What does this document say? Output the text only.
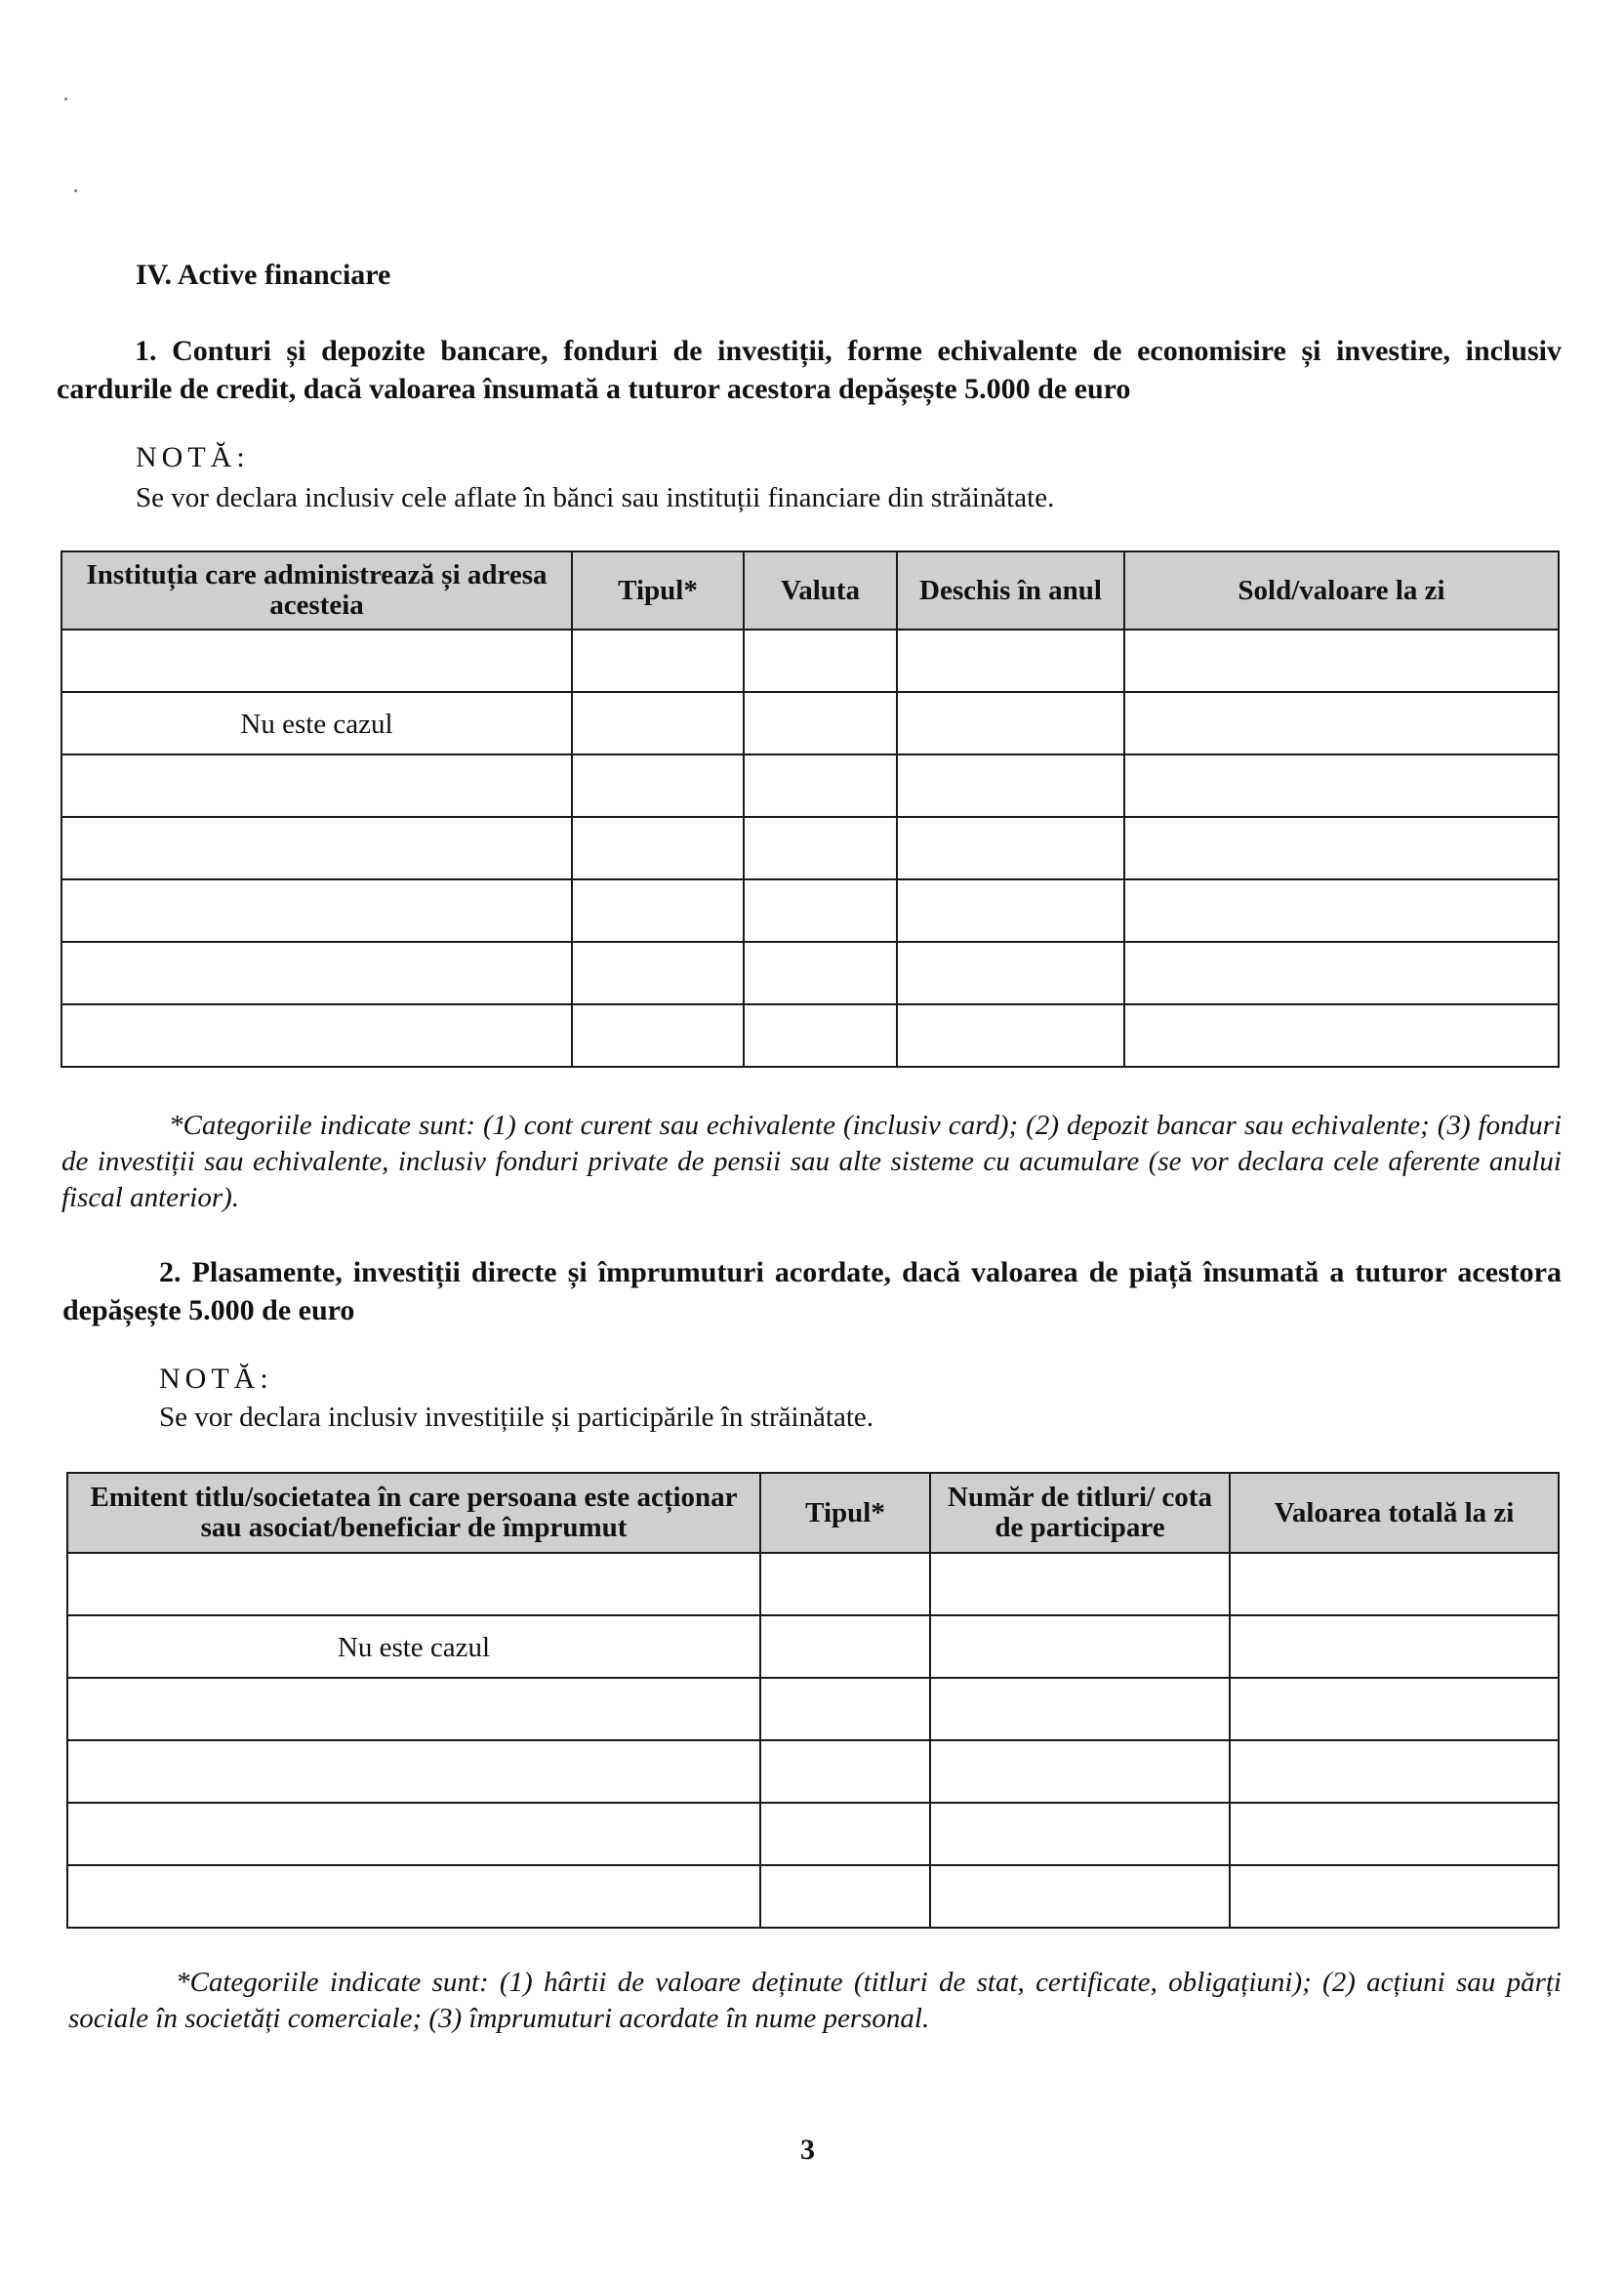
IV. Active financiare
1. Conturi și depozite bancare, fonduri de investiții, forme echivalente de economisire și investire, inclusiv cardurile de credit, dacă valoarea însumată a tuturor acestora depășește 5.000 de euro
NOTĂ:
Se vor declara inclusiv cele aflate în bănci sau instituții financiare din străinătate.
Instituția care administrează și adresa acesteia	Tipul*	Valuta	Deschis în anul	Sold/valoare la zi

Nu este cazul				

*Categoriile indicate sunt: (1) cont curent sau echivalente (inclusiv card); (2) depozit bancar sau echivalente; (3) fonduri de investiții sau echivalente, inclusiv fonduri private de pensii sau alte sisteme cu acumulare (se vor declara cele aferente anului fiscal anterior).
2. Plasamente, investiții directe și împrumuturi acordate, dacă valoarea de piață însumată a tuturor acestora depășește 5.000 de euro
NOTĂ:
Se vor declara inclusiv investițiile și participările în străinătate.
Emitent titlu/societatea în care persoana este acționar sau asociat/beneficiar de împrumut	Tipul*	Număr de titluri/ cota de participare	Valoarea totală la zi

Nu este cazul			

*Categoriile indicate sunt: (1) hârtii de valoare deținute (titluri de stat, certificate, obligațiuni); (2) acțiuni sau părți sociale în societăți comerciale; (3) împrumuturi acordate în nume personal.
3
